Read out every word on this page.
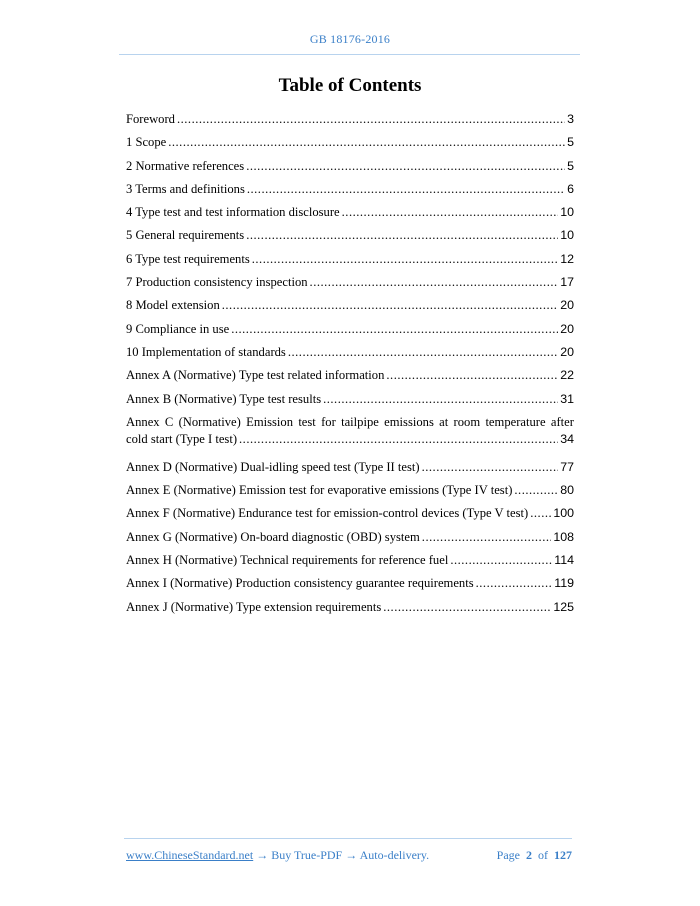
GB 18176-2016
Table of Contents
Foreword .....	3
1 Scope .....	5
2 Normative references .....	5
3 Terms and definitions .....	6
4 Type test and test information disclosure .....	10
5 General requirements .....	10
6 Type test requirements .....	12
7 Production consistency inspection .....	17
8 Model extension .....	20
9 Compliance in use .....	20
10 Implementation of standards .....	20
Annex A (Normative) Type test related information .....	22
Annex B (Normative) Type test results .....	31
Annex C (Normative) Emission test for tailpipe emissions at room temperature after
cold start (Type I test) .....	34
Annex D (Normative) Dual-idling speed test (Type II test) .....	77
Annex E (Normative) Emission test for evaporative emissions (Type IV test) .....	80
Annex F (Normative) Endurance test for emission-control devices (Type V test) ..... 100
Annex G (Normative) On-board diagnostic (OBD) system .....	108
Annex H (Normative) Technical requirements for reference fuel .....	114
Annex I (Normative) Production consistency guarantee requirements .....	119
Annex J (Normative) Type extension requirements .....	125
www.ChineseStandard.net → Buy True-PDF → Auto-delivery.	Page 2 of 127
